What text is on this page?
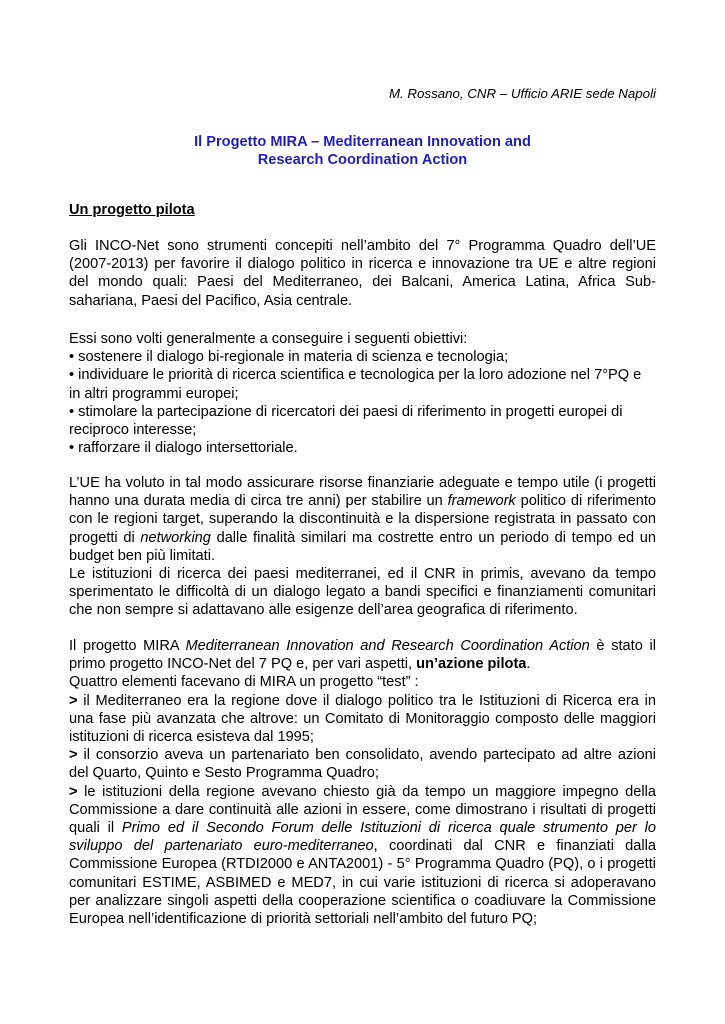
M. Rossano, CNR – Ufficio ARIE sede Napoli
Il Progetto MIRA – Mediterranean Innovation and
Research Coordination Action
Un progetto pilota

Gli INCO-Net sono strumenti concepiti nell’ambito del 7° Programma Quadro dell’UE (2007-2013) per favorire il dialogo politico in ricerca e innovazione tra UE e altre regioni del mondo quali: Paesi del Mediterraneo, dei Balcani, America Latina, Africa Sub-sahariana, Paesi del Pacifico, Asia centrale.

Essi sono volti generalmente a conseguire i seguenti obiettivi:

• sostenere il dialogo bi-regionale in materia di scienza e tecnologia;

• individuare le priorità di ricerca scientifica e tecnologica per la loro adozione nel 7°PQ e in altri programmi europei;

• stimolare la partecipazione di ricercatori dei paesi di riferimento in progetti europei di reciproco interesse;

• rafforzare il dialogo intersettoriale.

L’UE ha voluto in tal modo assicurare risorse finanziarie adeguate e tempo utile (i progetti hanno una durata media di circa tre anni) per stabilire un framework politico di riferimento con le regioni target, superando la discontinuità e la dispersione registrata in passato con progetti di networking dalle finalità similari ma costrette entro un periodo di tempo ed un budget ben più limitati.

Le istituzioni di ricerca dei paesi mediterranei, ed il CNR in primis, avevano da tempo sperimentato le difficoltà di un dialogo legato a bandi specifici e finanziamenti comunitari che non sempre si adattavano alle esigenze dell’area geografica di riferimento.

Il progetto MIRA Mediterranean Innovation and Research Coordination Action è stato il primo progetto INCO-Net del 7 PQ e, per vari aspetti, un’azione pilota.

Quattro elementi facevano di MIRA un progetto “test” :

> il Mediterraneo era la regione dove il dialogo politico tra le Istituzioni di Ricerca era in una fase più avanzata che altrove: un Comitato di Monitoraggio composto delle maggiori istituzioni di ricerca esisteva dal 1995;

> il consorzio aveva un partenariato ben consolidato, avendo partecipato ad altre azioni del Quarto, Quinto e Sesto Programma Quadro;

> le istituzioni della regione avevano chiesto già da tempo un maggiore impegno della Commissione a dare continuità alle azioni in essere, come dimostrano i risultati di progetti quali il Primo ed il Secondo Forum delle Istituzioni di ricerca quale strumento per lo sviluppo del partenariato euro-mediterraneo, coordinati dal CNR e finanziati dalla Commissione Europea (RTDI2000 e ANTA2001) - 5° Programma Quadro (PQ), o i progetti comunitari ESTIME, ASBIMED e MED7, in cui varie istituzioni di ricerca si adoperavano per analizzare singoli aspetti della cooperazione scientifica o coadiuvare la Commissione Europea nell’identificazione di priorità settoriali nell’ambito del futuro PQ;
